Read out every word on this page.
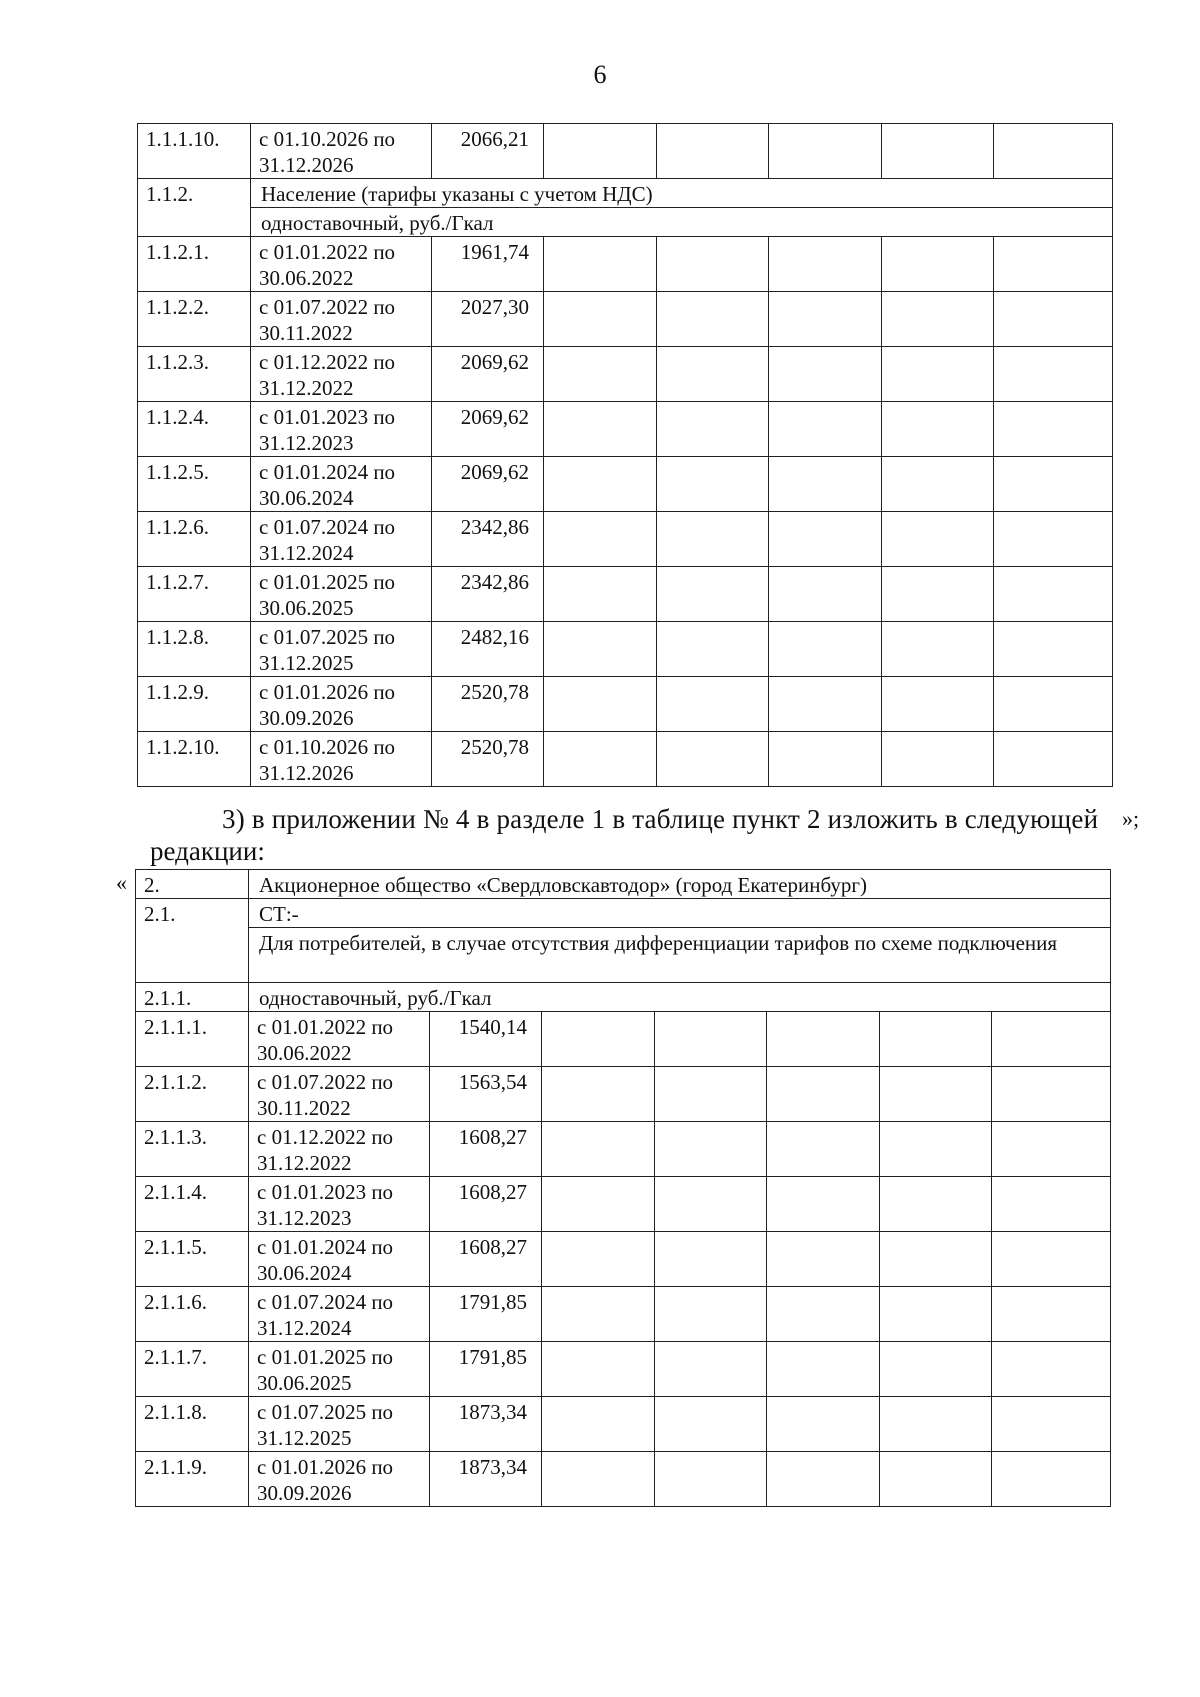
6
1.1.1.10.	с 01.10.2026 по 31.12.2026	2066,21					
1.1.2.	Население (тарифы указаны с учетом НДС)						
	одноставочный, руб./Гкал						
1.1.2.1.	с 01.01.2022 по 30.06.2022	1961,74					
1.1.2.2.	с 01.07.2022 по 30.11.2022	2027,30					
1.1.2.3.	с 01.12.2022 по 31.12.2022	2069,62					
1.1.2.4.	с 01.01.2023 по 31.12.2023	2069,62					
1.1.2.5.	с 01.01.2024 по 30.06.2024	2069,62					
1.1.2.6.	с 01.07.2024 по 31.12.2024	2342,86					
1.1.2.7.	с 01.01.2025 по 30.06.2025	2342,86					
1.1.2.8.	с 01.07.2025 по 31.12.2025	2482,16					
1.1.2.9.	с 01.01.2026 по 30.09.2026	2520,78					
1.1.2.10.	с 01.10.2026 по 31.12.2026	2520,78					
»;
3) в приложении № 4 в разделе 1 в таблице пункт 2 изложить в следующей
редакции:
« 2.	Акционерное общество «Свердловскавтодор» (город Екатеринбург)						
2.1.	СТ:-						
	Для потребителей, в случае отсутствия дифференциации тарифов по схеме подключения						
2.1.1.	одноставочный, руб./Гкал						
2.1.1.1.	с 01.01.2022 по 30.06.2022	1540,14					
2.1.1.2.	с 01.07.2022 по 30.11.2022	1563,54					
2.1.1.3.	с 01.12.2022 по 31.12.2022	1608,27					
2.1.1.4.	с 01.01.2023 по 31.12.2023	1608,27					
2.1.1.5.	с 01.01.2024 по 30.06.2024	1608,27					
2.1.1.6.	с 01.07.2024 по 31.12.2024	1791,85					
2.1.1.7.	с 01.01.2025 по 30.06.2025	1791,85					
2.1.1.8.	с 01.07.2025 по 31.12.2025	1873,34					
2.1.1.9.	с 01.01.2026 по 30.09.2026	1873,34					
